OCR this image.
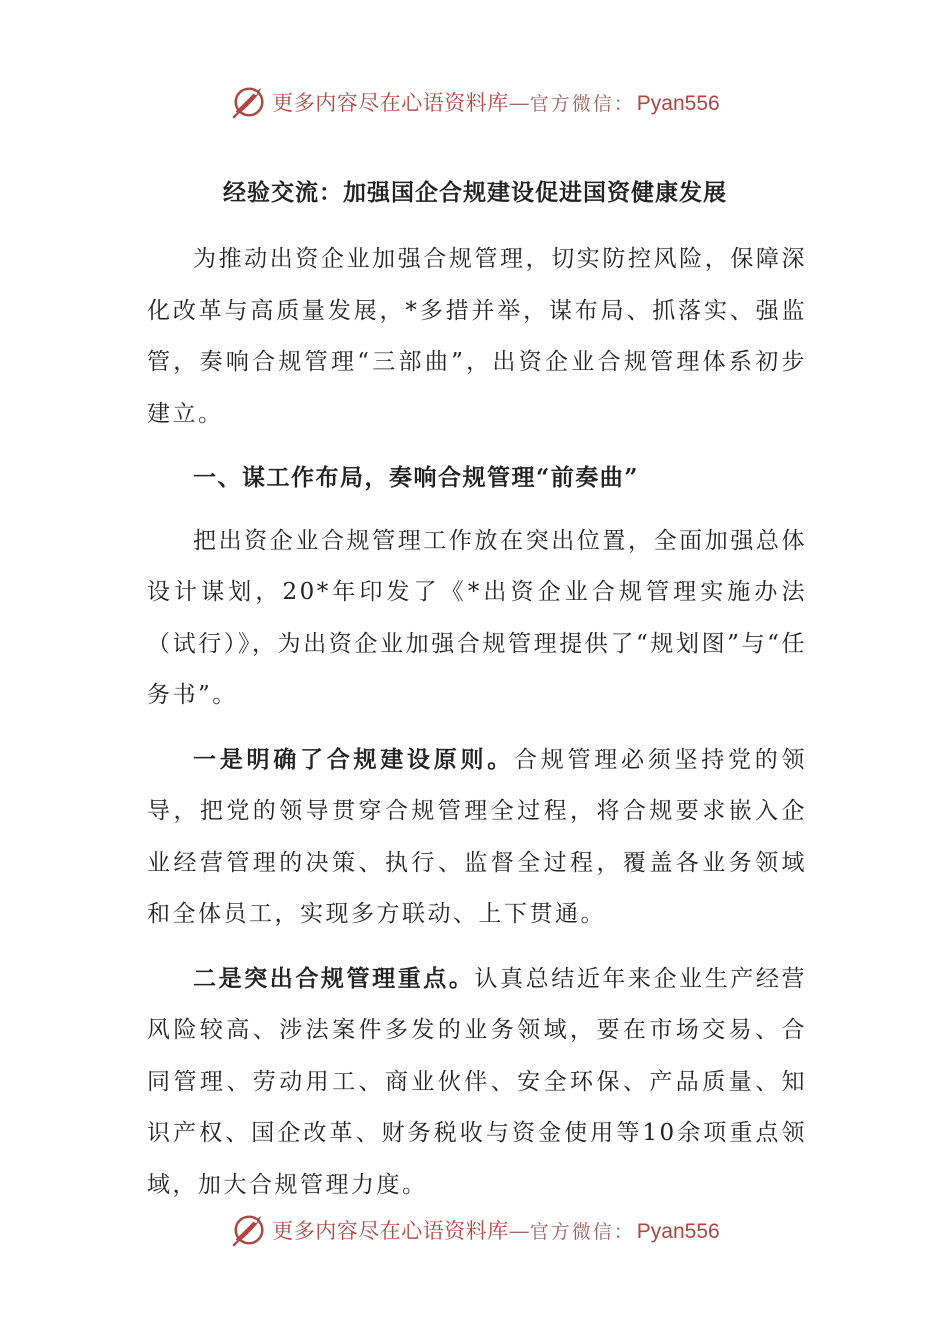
更多内容尽在心语资料库 — 官方微信： Pyan556
经验交流：加强国企合规建设促进国资健康发展

为推动出资企业加强合规管理，切实防控风险，保障深化改革与高质量发展，*多措并举，谋布局、抓落实、强监管，奏响合规管理“三部曲”，出资企业合规管理体系初步建立。

一、谋工作布局，奏响合规管理“前奏曲”

把出资企业合规管理工作放在突出位置，全面加强总体设计谋划，20*年印发了《*出资企业合规管理实施办法（试行）》，为出资企业加强合规管理提供了“规划图”与“任务书”。

一是明确了合规建设原则。合规管理必须坚持党的领导，把党的领导贯穿合规管理全过程，将合规要求嵌入企业经营管理的决策、执行、监督全过程，覆盖各业务领域和全体员工，实现多方联动、上下贯通。

二是突出合规管理重点。认真总结近年来企业生产经营风险较高、涉法案件多发的业务领域，要在市场交易、合同管理、劳动用工、商业伙伴、安全环保、产品质量、知识产权、国企改革、财务税收与资金使用等10余项重点领域，加大合规管理力度。

更多内容尽在心语资料库 — 官方微信： Pyan556
